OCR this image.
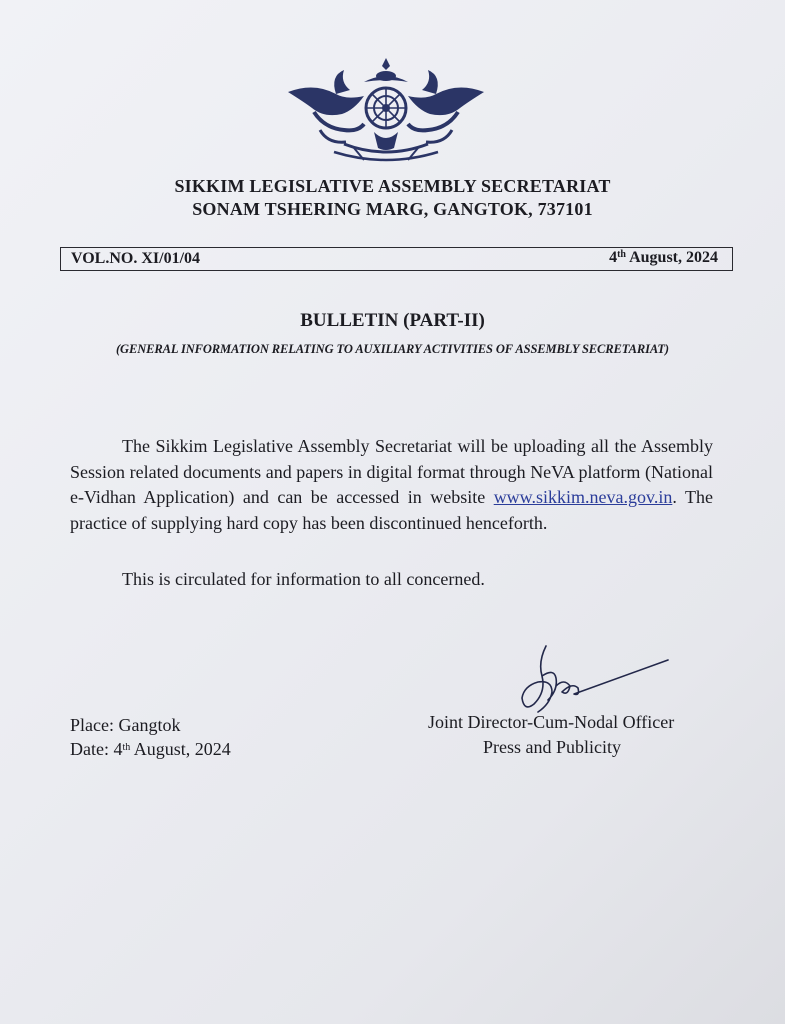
SIKKIM LEGISLATIVE ASSEMBLY SECRETARIAT
SONAM TSHERING MARG, GANGTOK, 737101
VOL.NO. XI/01/04	4th August, 2024
BULLETIN (PART-II)
(GENERAL INFORMATION RELATING TO AUXILIARY ACTIVITIES OF ASSEMBLY SECRETARIAT)
The Sikkim Legislative Assembly Secretariat will be uploading all the Assembly Session related documents and papers in digital format through NeVA platform (National e-Vidhan Application) and can be accessed in website www.sikkim.neva.gov.in. The practice of supplying hard copy has been discontinued henceforth.
This is circulated for information to all concerned.
Place: Gangtok
Date: 4th August, 2024
Joint Director-Cum-Nodal Officer
Press and Publicity
